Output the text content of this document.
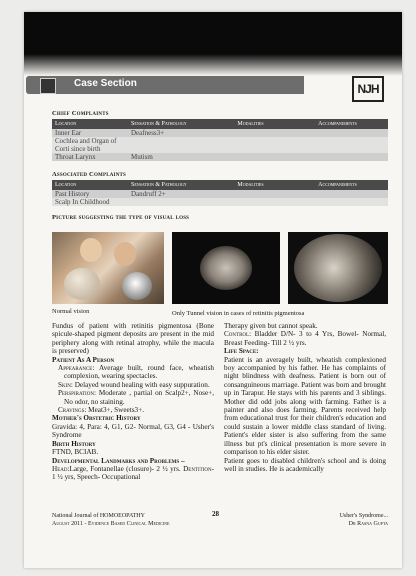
Case Section	NJH
Chief Complaints
Location	Sensation & Pathology	Modalities	Accompaniments
Inner Ear	Deafness3+		
Cochlea and Organ of			
Corti since birth			
Throat Larynx	Mutism		
Associated Complaints
Location	Sensation & Pathology	Modalities	Accompaniments
Past History	Dandruff 2+		
Scalp In Childhood			
Picture suggesting the type of visual loss
Normal vision	Only Tunnel vision in cases of retinitis pigmentosa

Fundus of patient with retinitis pigmentosa (Bone spicule-shaped pigment deposits are present in the mid periphery along with retinal atrophy, while the macula is preserved)

Patient As A Person

Appearance: Average built, round face, wheatish complexion, wearing spectacles.

Skin: Delayed wound healing with easy suppuration.

Perspiration: Moderate , partial on Scalp2+, Nose+, No odor, no staining.

Cravings: Meat3+, Sweets3+.

Mother's Obstetric History

Gravida: 4, Para: 4, G1, G2- Normal, G3, G4 - Usher's Syndrome

Birth History

FTND, BCIAB.

Developmental Landmarks and Problems –

Head:Large, Fontanellae (closure)- 2 ½ yrs. Dentition- 1 ½ yrs, Speech- Occupational

Therapy given but cannot speak.

Control: Bladder D/N- 3 to 4 Yrs, Bowel- Normal, Breast Feeding- Till 2 ½ yrs.

Life Space:

Patient is an averagely built, wheatish complexioned boy accompanied by his father. He has complaints of night blindness with deafness. Patient is born out of consanguineous marriage. Patient was born and brought up in Tarapur. He stays with his parents and 3 siblings. Mother did odd jobs along with farming. Father is a painter and also does farming. Parents received help from educational trust for their children's education and could sustain a lower middle class standard of living. Patient's elder sister is also suffering from the same illness but pt's clinical presentation is more severe in comparison to his elder sister.

Patient goes to disabled children's school and is doing well in studies. He is academically

National Journal of HOMOEOPATHY
August 2011 - Evidence Based Clinical Medicine
28	Usher's Syndrome...
Dr Rasna Gupta
